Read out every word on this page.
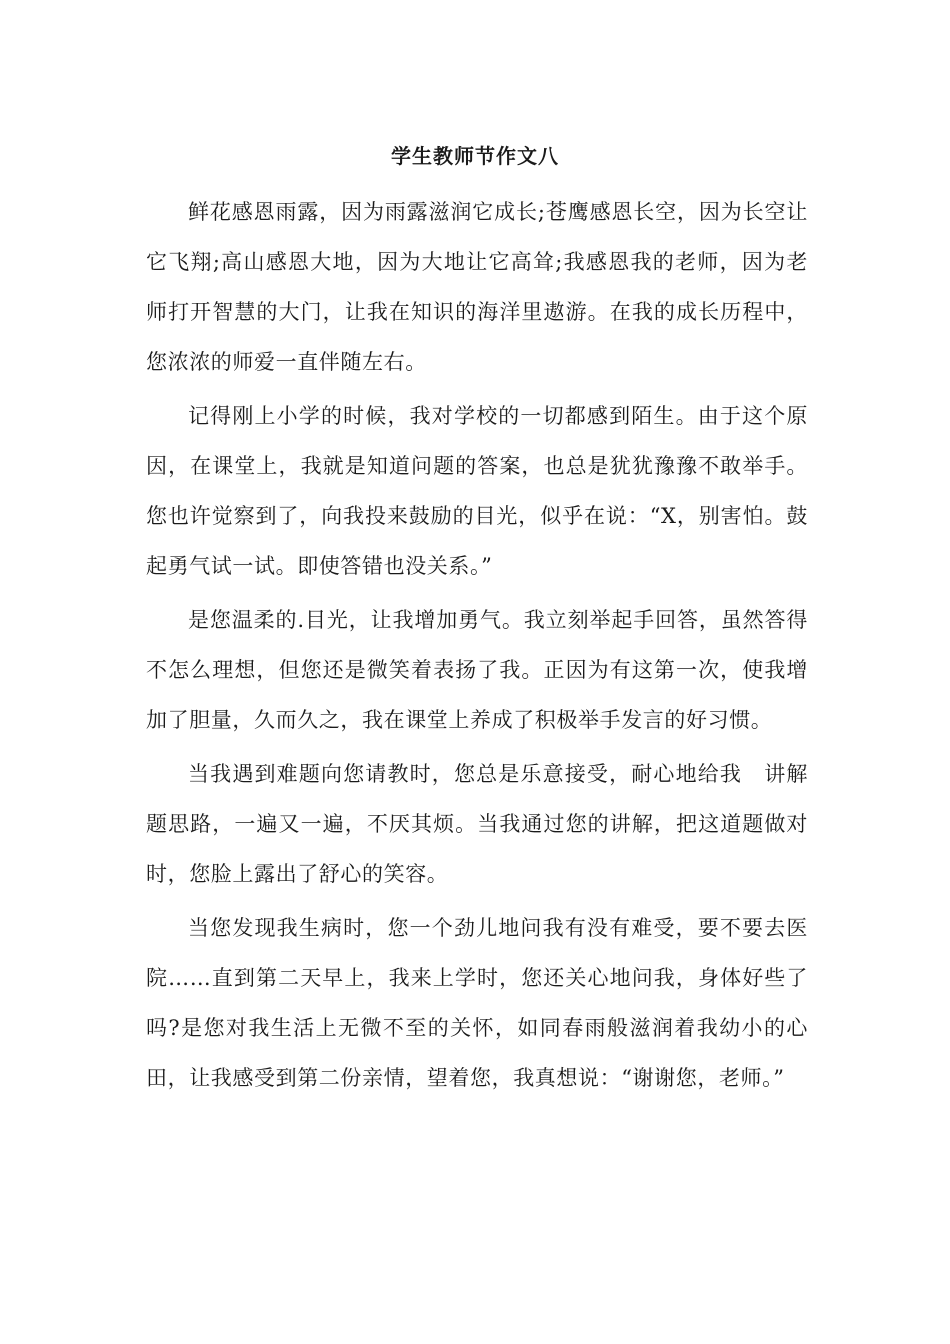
学生教师节作文八

鲜花感恩雨露，因为雨露滋润它成长;苍鹰感恩长空，因为长空让它飞翔;高山感恩大地，因为大地让它高耸;我感恩我的老师，因为老师打开智慧的大门，让我在知识的海洋里遨游。在我的成长历程中，您浓浓的师爱一直伴随左右。

记得刚上小学的时候，我对学校的一切都感到陌生。由于这个原因，在课堂上，我就是知道问题的答案，也总是犹犹豫豫不敢举手。您也许觉察到了，向我投来鼓励的目光，似乎在说：“X，别害怕。鼓起勇气试一试。即使答错也没关系。”

是您温柔的.目光，让我增加勇气。我立刻举起手回答，虽然答得不怎么理想，但您还是微笑着表扬了我。正因为有这第一次，使我增加了胆量，久而久之，我在课堂上养成了积极举手发言的好习惯。

当我遇到难题向您请教时，您总是乐意接受，耐心地给我　讲解题思路，一遍又一遍，不厌其烦。当我通过您的讲解，把这道题做对时，您脸上露出了舒心的笑容。

当您发现我生病时，您一个劲儿地问我有没有难受，要不要去医院……直到第二天早上，我来上学时，您还关心地问我，身体好些了吗?是您对我生活上无微不至的关怀，如同春雨般滋润着我幼小的心田，让我感受到第二份亲情，望着您，我真想说：“谢谢您，老师。”
